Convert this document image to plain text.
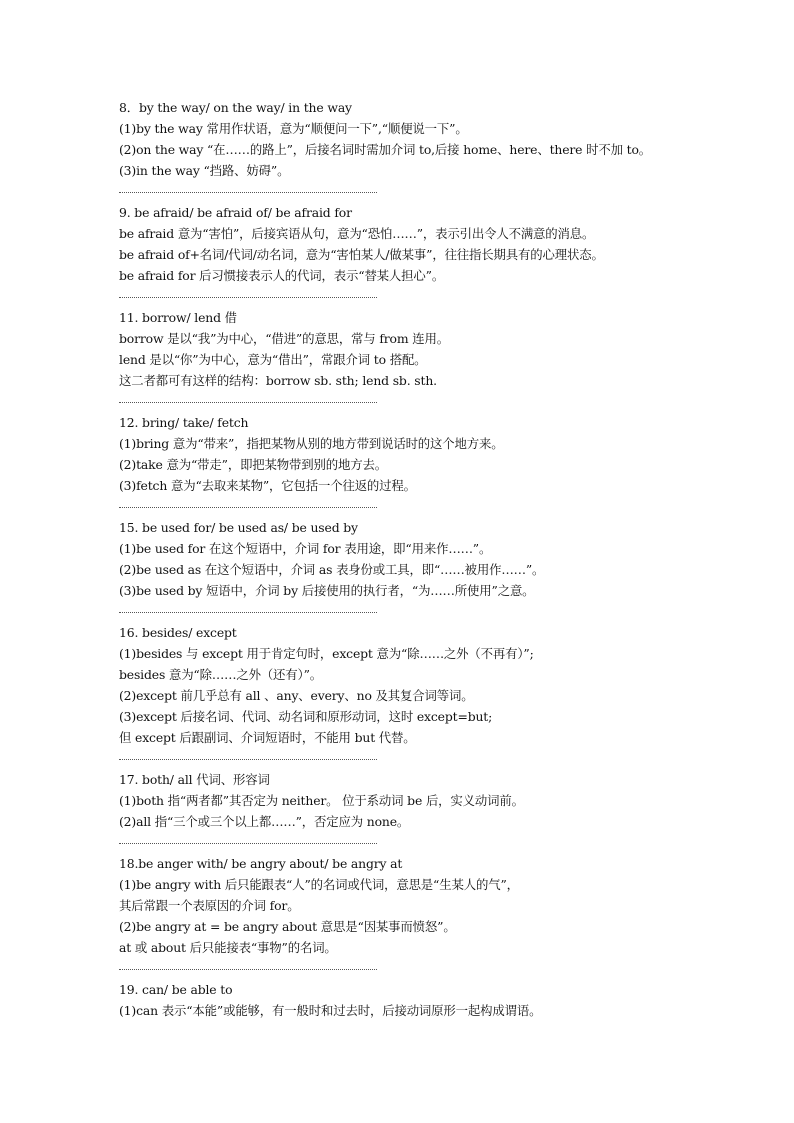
8．by the way/ on the way/ in the way
(1)by the way 常用作状语，意为“顺便问一下”,“顺便说一下”。
(2)on the way “在……的路上”，后接名词时需加介词 to,后接 home、here、there 时不加 to。
(3)in the way “挡路、妨碍”。
9. be afraid/ be afraid of/ be afraid for
be afraid 意为“害怕”，后接宾语从句，意为“恐怕……”，表示引出令人不满意的消息。
be afraid of+名词/代词/动名词，意为“害怕某人/做某事”，往往指长期具有的心理状态。
be afraid for 后习惯接表示人的代词，表示“替某人担心”。
11. borrow/ lend 借
borrow 是以“我”为中心，“借进”的意思，常与 from 连用。
lend 是以“你”为中心，意为“借出”，常跟介词 to 搭配。
这二者都可有这样的结构：borrow sb. sth; lend sb. sth.
12. bring/ take/ fetch
(1)bring 意为“带来”，指把某物从别的地方带到说话时的这个地方来。
(2)take 意为“带走”，即把某物带到别的地方去。
(3)fetch 意为“去取来某物”，它包括一个往返的过程。
15. be used for/ be used as/ be used by
(1)be used for 在这个短语中，介词 for 表用途，即“用来作……”。
(2)be used as 在这个短语中，介词 as 表身份或工具，即“……被用作……”。
(3)be used by 短语中，介词 by 后接使用的执行者，“为……所使用”之意。
16. besides/ except
(1)besides 与 except 用于肯定句时，except 意为“除……之外（不再有）”;
besides 意为“除……之外（还有）”。
(2)except 前几乎总有 all 、any、every、no 及其复合词等词。
(3)except 后接名词、代词、动名词和原形动词，这时 except=but;
但 except 后跟副词、介词短语时，不能用 but 代替。
17. both/ all 代词、形容词
(1)both 指“两者都”其否定为 neither。 位于系动词 be 后，实义动词前。
(2)all 指“三个或三个以上都……”，否定应为 none。
18.be anger with/ be angry about/ be angry at
(1)be angry with 后只能跟表“人”的名词或代词，意思是“生某人的气”，
其后常跟一个表原因的介词 for。
(2)be angry at = be angry about 意思是“因某事而愤怒”。
at 或 about 后只能接表“事物”的名词。
19. can/ be able to
(1)can 表示“本能”或能够，有一般时和过去时，后接动词原形一起构成谓语。
